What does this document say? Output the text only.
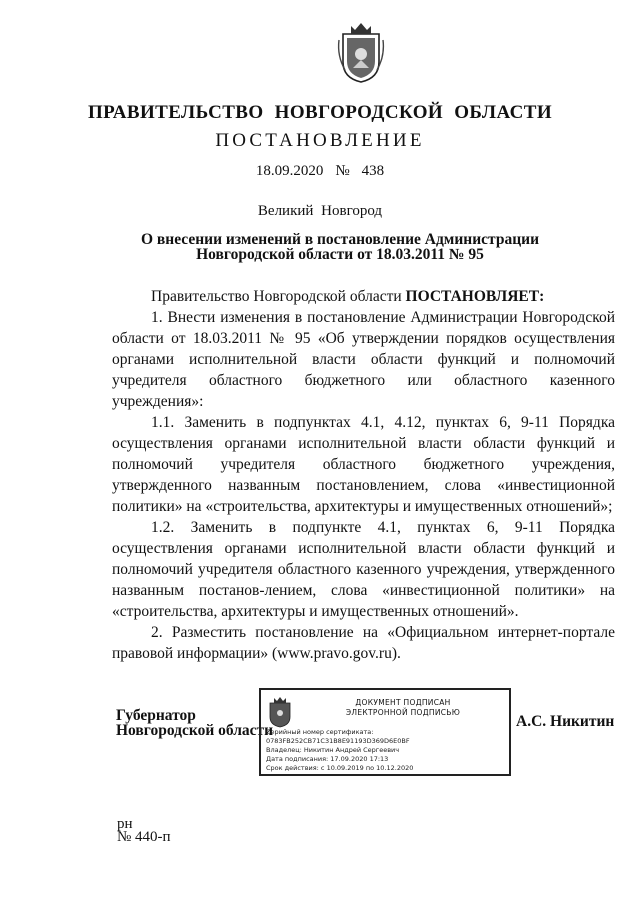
ПРАВИТЕЛЬСТВО НОВГОРОДСКОЙ ОБЛАСТИ
ПОСТАНОВЛЕНИЕ
18.09.2020 № 438
Великий Новгород
О внесении изменений в постановление Администрации
Новгородской области от 18.03.2011 № 95

Правительство Новгородской области ПОСТАНОВЛЯЕТ:

1. Внести изменения в постановление Администрации Новгородской области от 18.03.2011 № 95 «Об утверждении порядков осуществления органами исполнительной власти области функций и полномочий учредителя областного бюджетного или областного казенного учреждения»:

1.1. Заменить в подпунктах 4.1, 4.12, пунктах 6, 9-11 Порядка осуществления органами исполнительной власти области функций и полномочий учредителя областного бюджетного учреждения, утвержденного названным постановлением, слова «инвестиционной политики» на «строительства, архитектуры и имущественных отношений»;

1.2. Заменить в подпункте 4.1, пунктах 6, 9-11 Порядка осуществления органами исполнительной власти области функций и полномочий учредителя областного казенного учреждения, утвержденного названным постанов-лением, слова «инвестиционной политики» на «строительства, архитектуры и имущественных отношений».

2. Разместить постановление на «Официальном интернет-портале правовой информации» (www.pravo.gov.ru).

Губернатор
Новгородской области
ДОКУМЕНТ ПОДПИСАН
ЭЛЕКТРОННОЙ ПОДПИСЬЮ
Серийный номер сертификата:
0783FB252CB71C31B8E91193D369D6E0BF
Владелец: Никитин Андрей Сергеевич
Дата подписания: 17.09.2020 17:13
Срок действия: с 10.09.2019 по 10.12.2020
А.С. Никитин
рн
№ 440-п
